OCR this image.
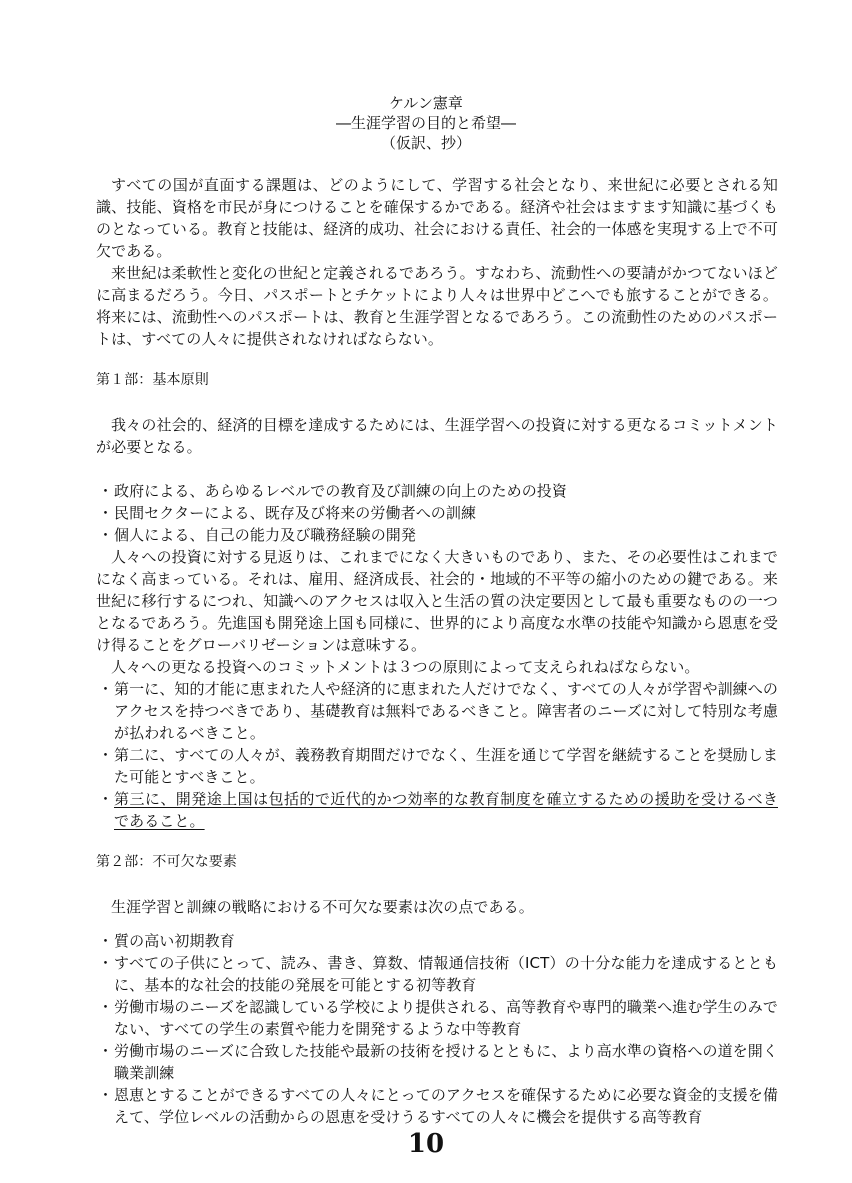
ケルン憲章
―生涯学習の目的と希望―
（仮訳、抄）

すべての国が直面する課題は、どのようにして、学習する社会となり、来世紀に必要とされる知識、技能、資格を市民が身につけることを確保するかである。経済や社会はますます知識に基づくものとなっている。教育と技能は、経済的成功、社会における責任、社会的一体感を実現する上で不可欠である。

来世紀は柔軟性と変化の世紀と定義されるであろう。すなわち、流動性への要請がかつてないほどに高まるだろう。今日、パスポートとチケットにより人々は世界中どこへでも旅することができる。将来には、流動性へのパスポートは、教育と生涯学習となるであろう。この流動性のためのパスポートは、すべての人々に提供されなければならない。

第１部：基本原則

我々の社会的、経済的目標を達成するためには、生涯学習への投資に対する更なるコミットメントが必要となる。

・ 政府による、あらゆるレベルでの教育及び訓練の向上のための投資
・ 民間セクターによる、既存及び将来の労働者への訓練
・ 個人による、自己の能力及び職務経験の開発

人々への投資に対する見返りは、これまでになく大きいものであり、また、その必要性はこれまでになく高まっている。それは、雇用、経済成長、社会的・地域的不平等の縮小のための鍵である。来世紀に移行するにつれ、知識へのアクセスは収入と生活の質の決定要因として最も重要なものの一つとなるであろう。先進国も開発途上国も同様に、世界的により高度な水準の技能や知識から恩恵を受け得ることをグローバリゼーションは意味する。

人々への更なる投資へのコミットメントは３つの原則によって支えられねばならない。

・ 第一に、知的才能に恵まれた人や経済的に恵まれた人だけでなく、すべての人々が学習や訓練へのアクセスを持つべきであり、基礎教育は無料であるべきこと。障害者のニーズに対して特別な考慮が払われるべきこと。
・ 第二に、すべての人々が、義務教育期間だけでなく、生涯を通じて学習を継続することを奨励しまた可能とすべきこと。
・ 第三に、開発途上国は包括的で近代的かつ効率的な教育制度を確立するための援助を受けるべきであること。
第２部：不可欠な要素

生涯学習と訓練の戦略における不可欠な要素は次の点である。

・ 質の高い初期教育
・ すべての子供にとって、読み、書き、算数、情報通信技術（ICT）の十分な能力を達成するとともに、基本的な社会的技能の発展を可能とする初等教育
・ 労働市場のニーズを認識している学校により提供される、高等教育や専門的職業へ進む学生のみでない、すべての学生の素質や能力を開発するような中等教育
・ 労働市場のニーズに合致した技能や最新の技術を授けるとともに、より高水準の資格への道を開く職業訓練
・ 恩恵とすることができるすべての人々にとってのアクセスを確保するために必要な資金的支援を備えて、学位レベルの活動からの恩恵を受けうるすべての人々に機会を提供する高等教育
10
